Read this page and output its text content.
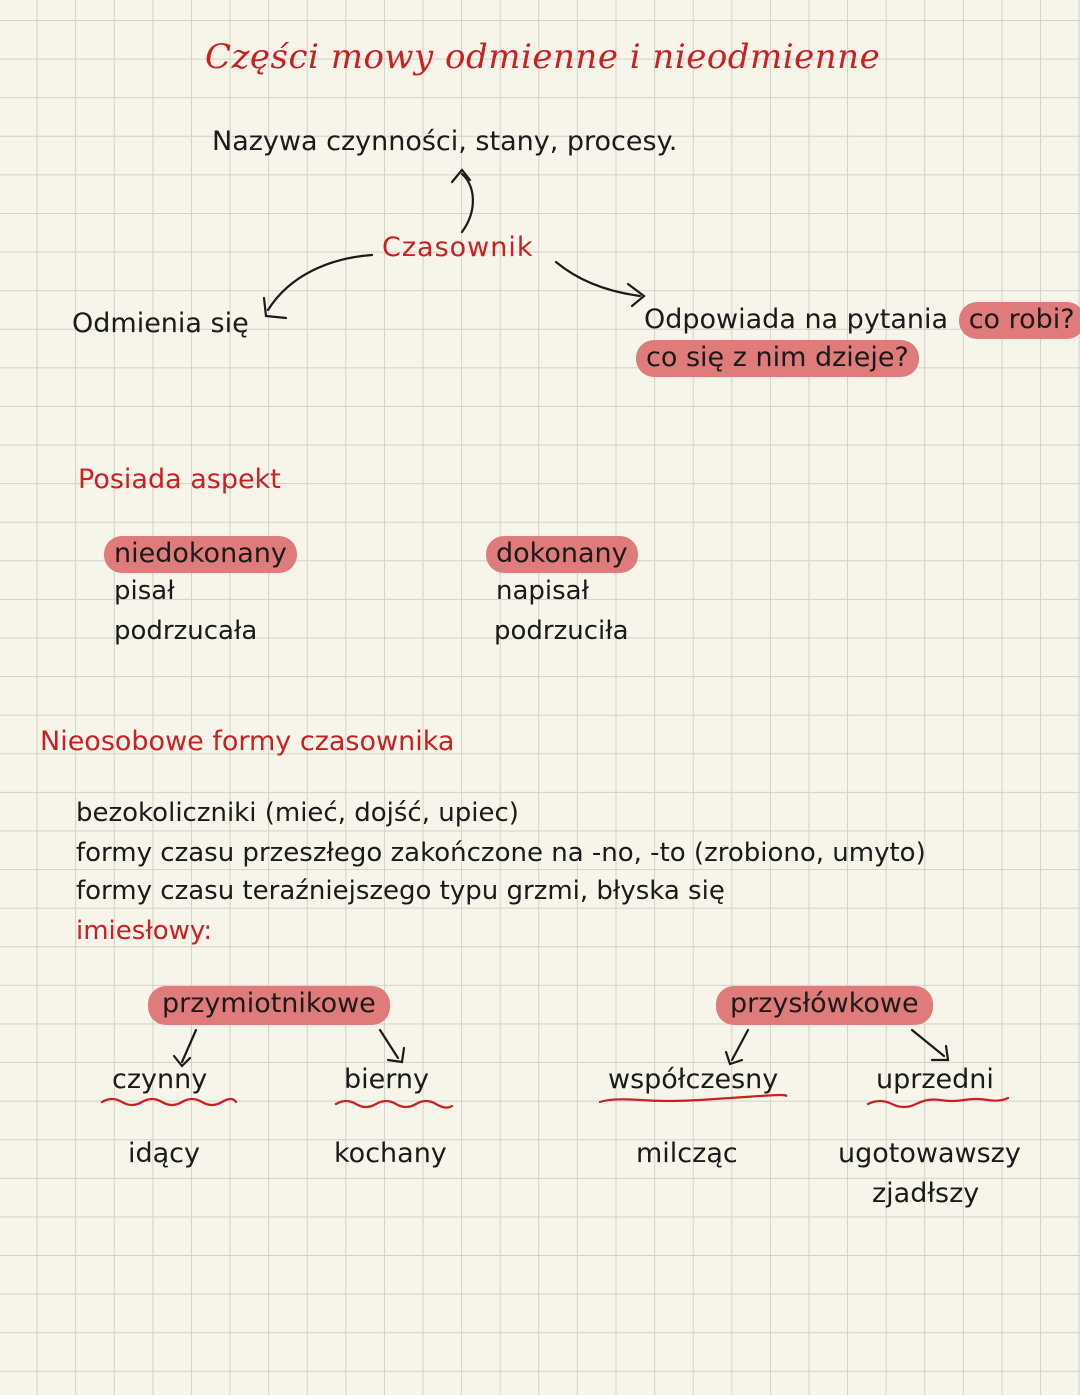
Części mowy odmienne i nieodmienne
Nazywa czynności, stany, procesy.
Czasownik
Odmienia się	Odpowiada na pytania co robi?
co się z nim dzieje?
Posiada aspekt
niedokonany
pisał
podrzucała
dokonany
napisał
podrzuciła
Nieosobowe formy czasownika
bezokoliczniki (mieć, dojść, upiec)
formy czasu przeszłego zakończone na -no, -to (zrobiono, umyto)
formy czasu teraźniejszego typu grzmi, błyska się
imiesłowy:
przymiotnikowe	przysłówkowe
czynny	bierny	współczesny	uprzedni
idący	kochany	milcząc	ugotowawszy
zjadłszy
